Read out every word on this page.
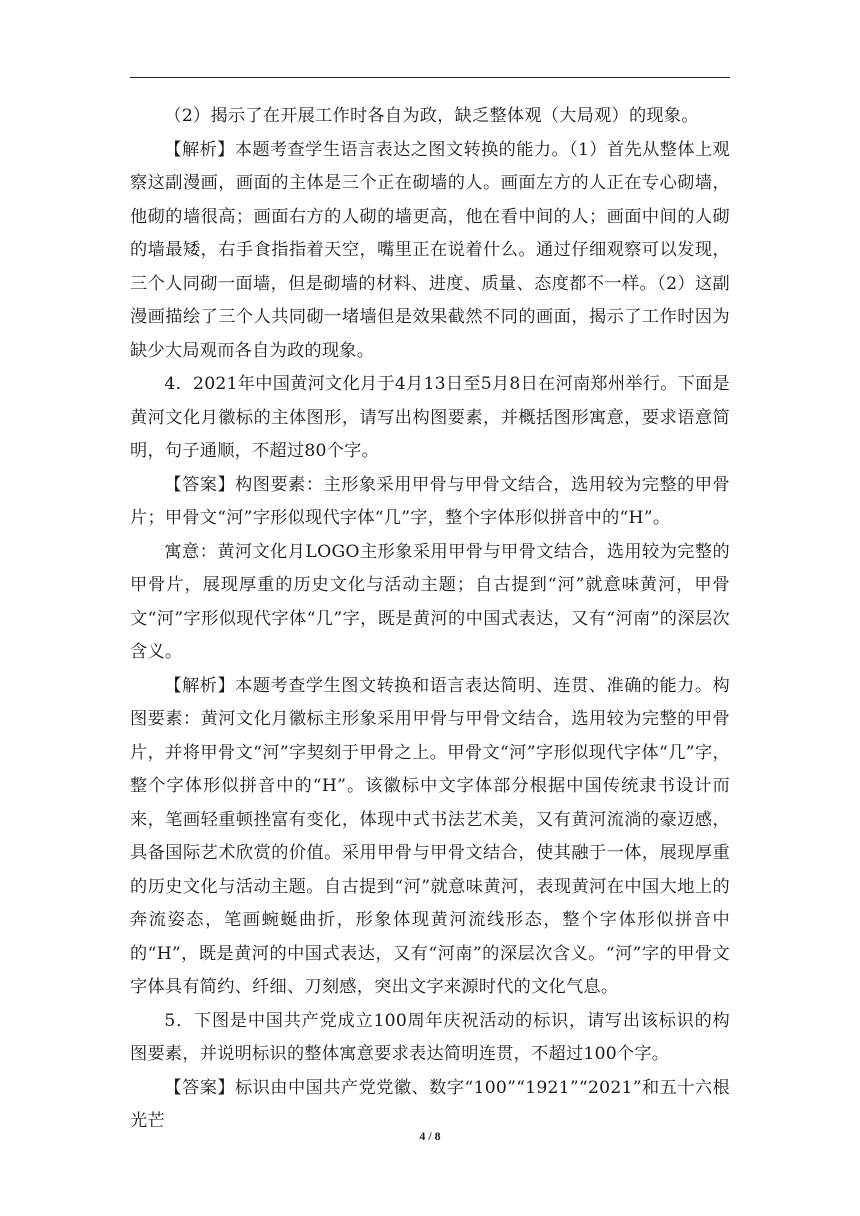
（2）揭示了在开展工作时各自为政，缺乏整体观（大局观）的现象。

【解析】本题考查学生语言表达之图文转换的能力。（1）首先从整体上观察这副漫画，画面的主体是三个正在砌墙的人。画面左方的人正在专心砌墙，他砌的墙很高；画面右方的人砌的墙更高，他在看中间的人；画面中间的人砌的墙最矮，右手食指指着天空，嘴里正在说着什么。通过仔细观察可以发现，三个人同砌一面墙，但是砌墙的材料、进度、质量、态度都不一样。（2）这副漫画描绘了三个人共同砌一堵墙但是效果截然不同的画面，揭示了工作时因为缺少大局观而各自为政的现象。

4．2021年中国黄河文化月于4月13日至5月8日在河南郑州举行。下面是黄河文化月徽标的主体图形，请写出构图要素，并概括图形寓意，要求语意简明，句子通顺，不超过80个字。

【答案】构图要素：主形象采用甲骨与甲骨文结合，选用较为完整的甲骨片；甲骨文“河”字形似现代字体“几”字，整个字体形似拼音中的“H”。

寓意：黄河文化月LOGO主形象采用甲骨与甲骨文结合，选用较为完整的甲骨片，展现厚重的历史文化与活动主题；自古提到“河”就意味黄河，甲骨文“河”字形似现代字体“几”字，既是黄河的中国式表达，又有“河南”的深层次含义。

【解析】本题考查学生图文转换和语言表达简明、连贯、准确的能力。构图要素：黄河文化月徽标主形象采用甲骨与甲骨文结合，选用较为完整的甲骨片，并将甲骨文“河”字契刻于甲骨之上。甲骨文“河”字形似现代字体“几”字，整个字体形似拼音中的“H”。该徽标中文字体部分根据中国传统隶书设计而来，笔画轻重顿挫富有变化，体现中式书法艺术美，又有黄河流淌的豪迈感，具备国际艺术欣赏的价值。采用甲骨与甲骨文结合，使其融于一体，展现厚重的历史文化与活动主题。自古提到“河”就意味黄河，表现黄河在中国大地上的奔流姿态，笔画蜿蜒曲折，形象体现黄河流线形态，整个字体形似拼音中的“H”，既是黄河的中国式表达，又有“河南”的深层次含义。“河”字的甲骨文字体具有简约、纤细、刀刻感，突出文字来源时代的文化气息。

5．下图是中国共产党成立100周年庆祝活动的标识，请写出该标识的构图要素，并说明标识的整体寓意要求表达简明连贯，不超过100个字。

【答案】标识由中国共产党党徽、数字“100”“1921”“2021”和五十六根光芒

4 / 8
